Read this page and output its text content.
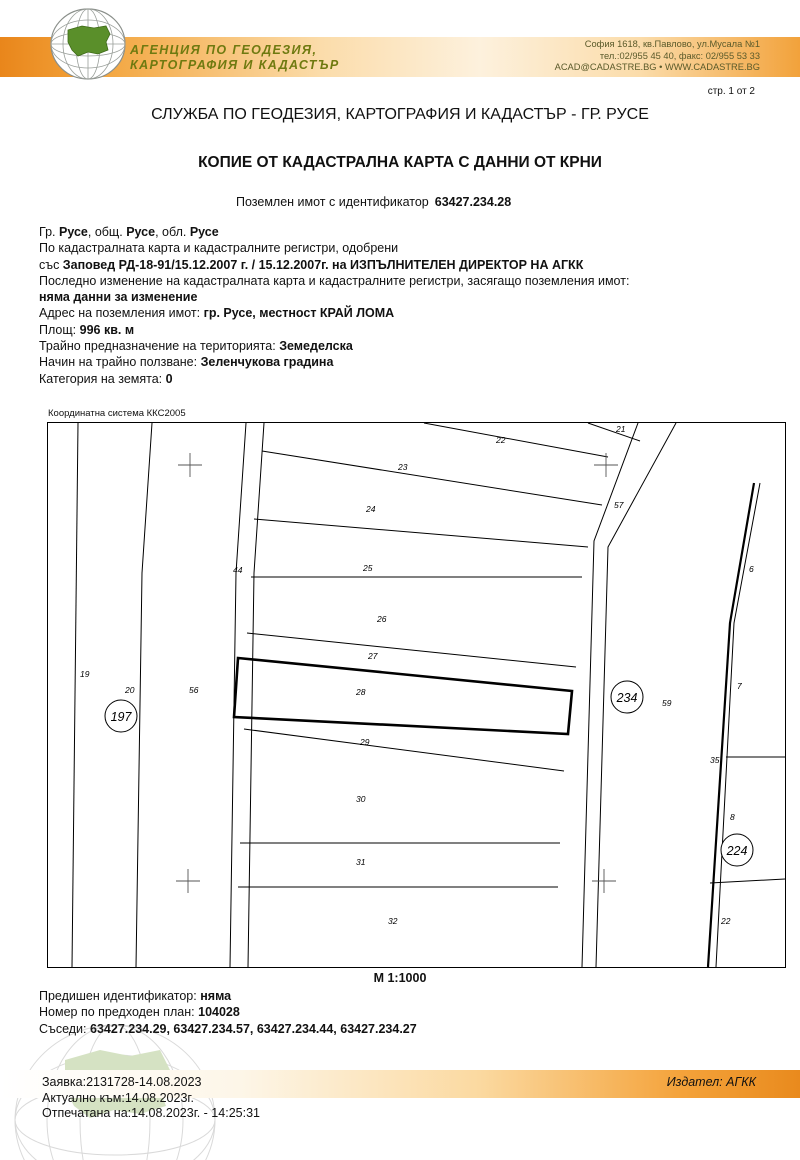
АГЕНЦИЯ ПО ГЕОДЕЗИЯ,
КАРТОГРАФИЯ И КАДАСТЪР
София 1618, кв.Павлово, ул.Мусала №1
тел.:02/955 45 40, факс: 02/955 53 33
ACAD@CADASTRE.BG • WWW.CADASTRE.BG
стр. 1 от 2
СЛУЖБА ПО ГЕОДЕЗИЯ, КАРТОГРАФИЯ И КАДАСТЪР - ГР. РУСЕ
КОПИЕ ОТ КАДАСТРАЛНА КАРТА С ДАННИ ОТ КРНИ
Поземлен имот с идентификатор 63427.234.28
Гр. Русе, общ. Русе, обл. Русе
По кадастралната карта и кадастралните регистри, одобрени
със Заповед РД-18-91/15.12.2007 г. / 15.12.2007г. на ИЗПЪЛНИТЕЛЕН ДИРЕКТОР НА АГКК
Последно изменение на кадастралната карта и кадастралните регистри, засягащо поземления имот:
няма данни за изменение
Адрес на поземления имот: гр. Русе, местност КРАЙ ЛОМА
Площ: 996 кв. м
Трайно предназначение на територията: Земеделска
Начин на трайно ползване: Зеленчукова градина
Категория на земята: 0
Координатна система ККС2005
197
234
224
19
20	56
44
21
22
23
24
25
26
27
28
29
30
31
32
57
59
35
6
7
8
22
М 1:1000
Предишен идентификатор: няма
Номер по предходен план: 104028
Съседи: 63427.234.29, 63427.234.57, 63427.234.44, 63427.234.27
Заявка:2131728-14.08.2023
Актуално към:14.08.2023г.
Отпечатана на:14.08.2023г. - 14:25:31
Издател: АГКК
